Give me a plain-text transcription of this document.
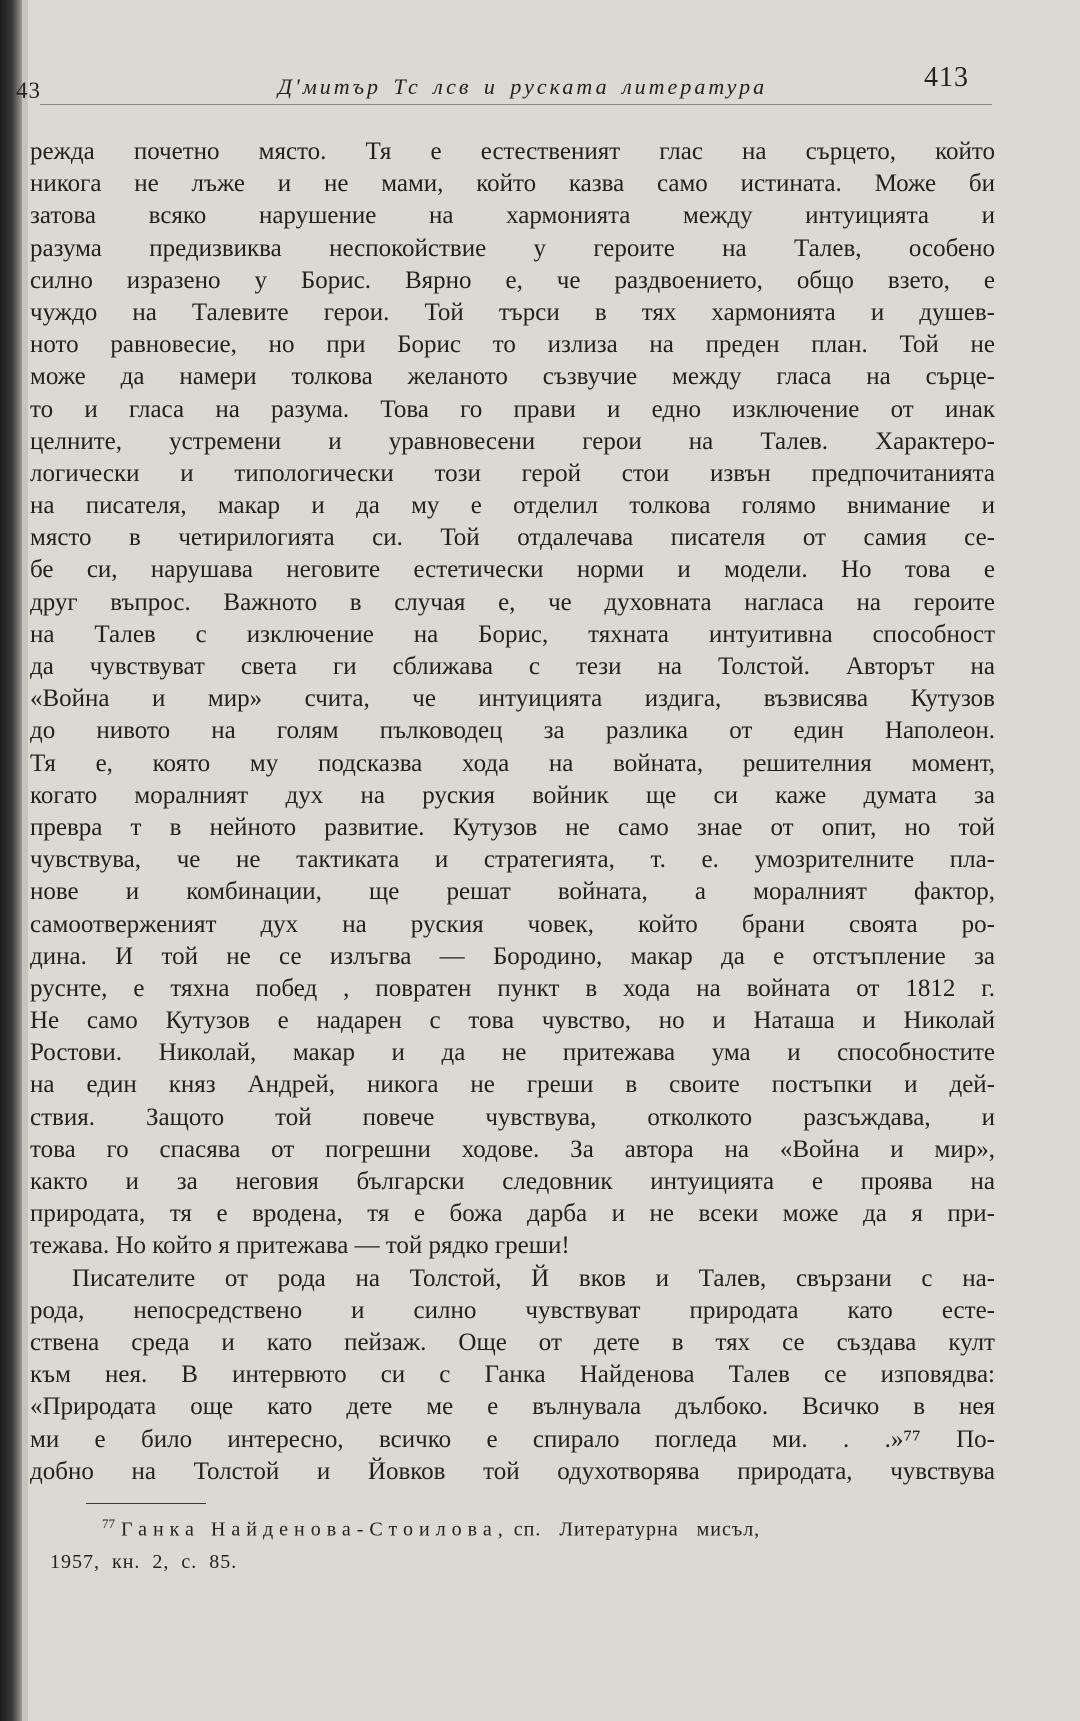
43	Д'митър Тс лсв и руската литература	413
режда почетно място. Тя е естественият глас на сърцето, който
никога не лъже и не мами, който казва само истината. Може би
затова всяко нарушение на хармонията между интуицията и
разума предизвиква неспокойствие у героите на Талев, особено
силно изразено у Борис. Вярно е, че раздвоението, общо взето, е
чуждо на Талевите герои. Той търси в тях хармонията и душев-
ното равновесие, но при Борис то излиза на преден план. Той не
може да намери толкова желаното съзвучие между гласа на сърце-
то и гласа на разума. Това го прави и едно изключение от инак
целните, устремени и уравновесени герои на Талев. Характеро-
логически и типологически този герой стои извън предпочитанията
на писателя, макар и да му е отделил толкова голямо внимание и
място в четирилогията си. Той отдалечава писателя от самия се-
бе си, нарушава неговите естетически норми и модели. Но това е
друг въпрос. Важното в случая е, че духовната нагласа на героите
на Талев с изключение на Борис, тяхната интуитивна способност
да чувствуват света ги сближава с тези на Толстой. Авторът на
«Война и мир» счита, че интуицията издига, възвисява Кутузов
до нивото на голям пълководец за разлика от един Наполеон.
Тя е, която му подсказва хода на войната, решителния момент,
когато моралният дух на руския войник ще си каже думата за
превра т в нейното развитие. Кутузов не само знае от опит, но той
чувствува, че не тактиката и стратегията, т. е. умозрителните пла-
нове и комбинации, ще решат войната, а моралният фактор,
самоотверженият дух на руския човек, който брани своята ро-
дина. И той не се излъгва — Бородино, макар да е отстъпление за
руснте, е тяхна побед , повратен пункт в хода на войната от 1812 г.
Не само Кутузов е надарен с това чувство, но и Наташа и Николай
Ростови. Николай, макар и да не притежава ума и способностите
на един княз Андрей, никога не греши в своите постъпки и дей-
ствия. Защото той повече чувствува, отколкото разсъждава, и
това го спасява от погрешни ходове. За автора на «Война и мир»,
както и за неговия български следовник интуицията е проява на
природата, тя е вродена, тя е божа дарба и не всеки може да я при-
тежава. Но който я притежава — той рядко греши!
Писателите от рода на Толстой, Й вков и Талев, свързани с на-
рода, непосредствено и силно чувствуват природата като есте-
ствена среда и като пейзаж. Още от дете в тях се създава култ
към нея. В интервюто си с Ганка Найденова Талев се изповядва:
«Природата още като дете ме е вълнувала дълбоко. Всичко в нея
ми е било интересно, всичко е спирало погледа ми. . .»⁷⁷ По-
добно на Толстой и Йовков той одухотворява природата, чувствува
$^{77}$ Ганка Найденова-Стоилова, сп. Литературна мисъл,
1957, кн. 2, с. 85.
